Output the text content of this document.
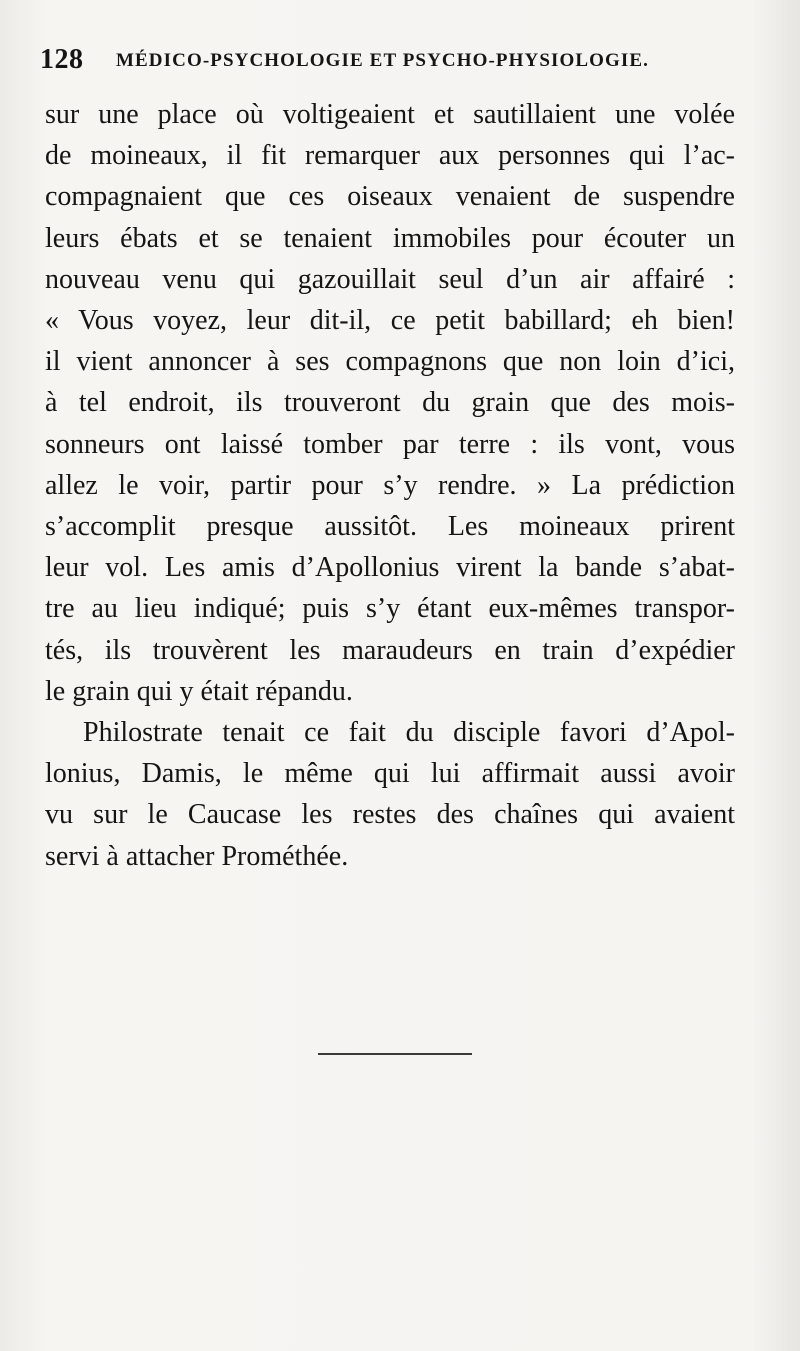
128 MÉDICO-PSYCHOLOGIE ET PSYCHO-PHYSIOLOGIE.

sur une place où voltigeaient et sautillaient une volée
de moineaux, il fit remarquer aux personnes qui l’ac-
compagnaient que ces oiseaux venaient de suspendre
leurs ébats et se tenaient immobiles pour écouter un
nouveau venu qui gazouillait seul d’un air affairé :
« Vous voyez, leur dit-il, ce petit babillard; eh bien!
il vient annoncer à ses compagnons que non loin d’ici,
à tel endroit, ils trouveront du grain que des mois-
sonneurs ont laissé tomber par terre : ils vont, vous
allez le voir, partir pour s’y rendre. » La prédiction
s’accomplit presque aussitôt. Les moineaux prirent
leur vol. Les amis d’Apollonius virent la bande s’abat-
tre au lieu indiqué; puis s’y étant eux-mêmes transpor-
tés, ils trouvèrent les maraudeurs en train d’expédier
le grain qui y était répandu.

Philostrate tenait ce fait du disciple favori d’Apol-
lonius, Damis, le même qui lui affirmait aussi avoir
vu sur le Caucase les restes des chaînes qui avaient
servi à attacher Prométhée.
